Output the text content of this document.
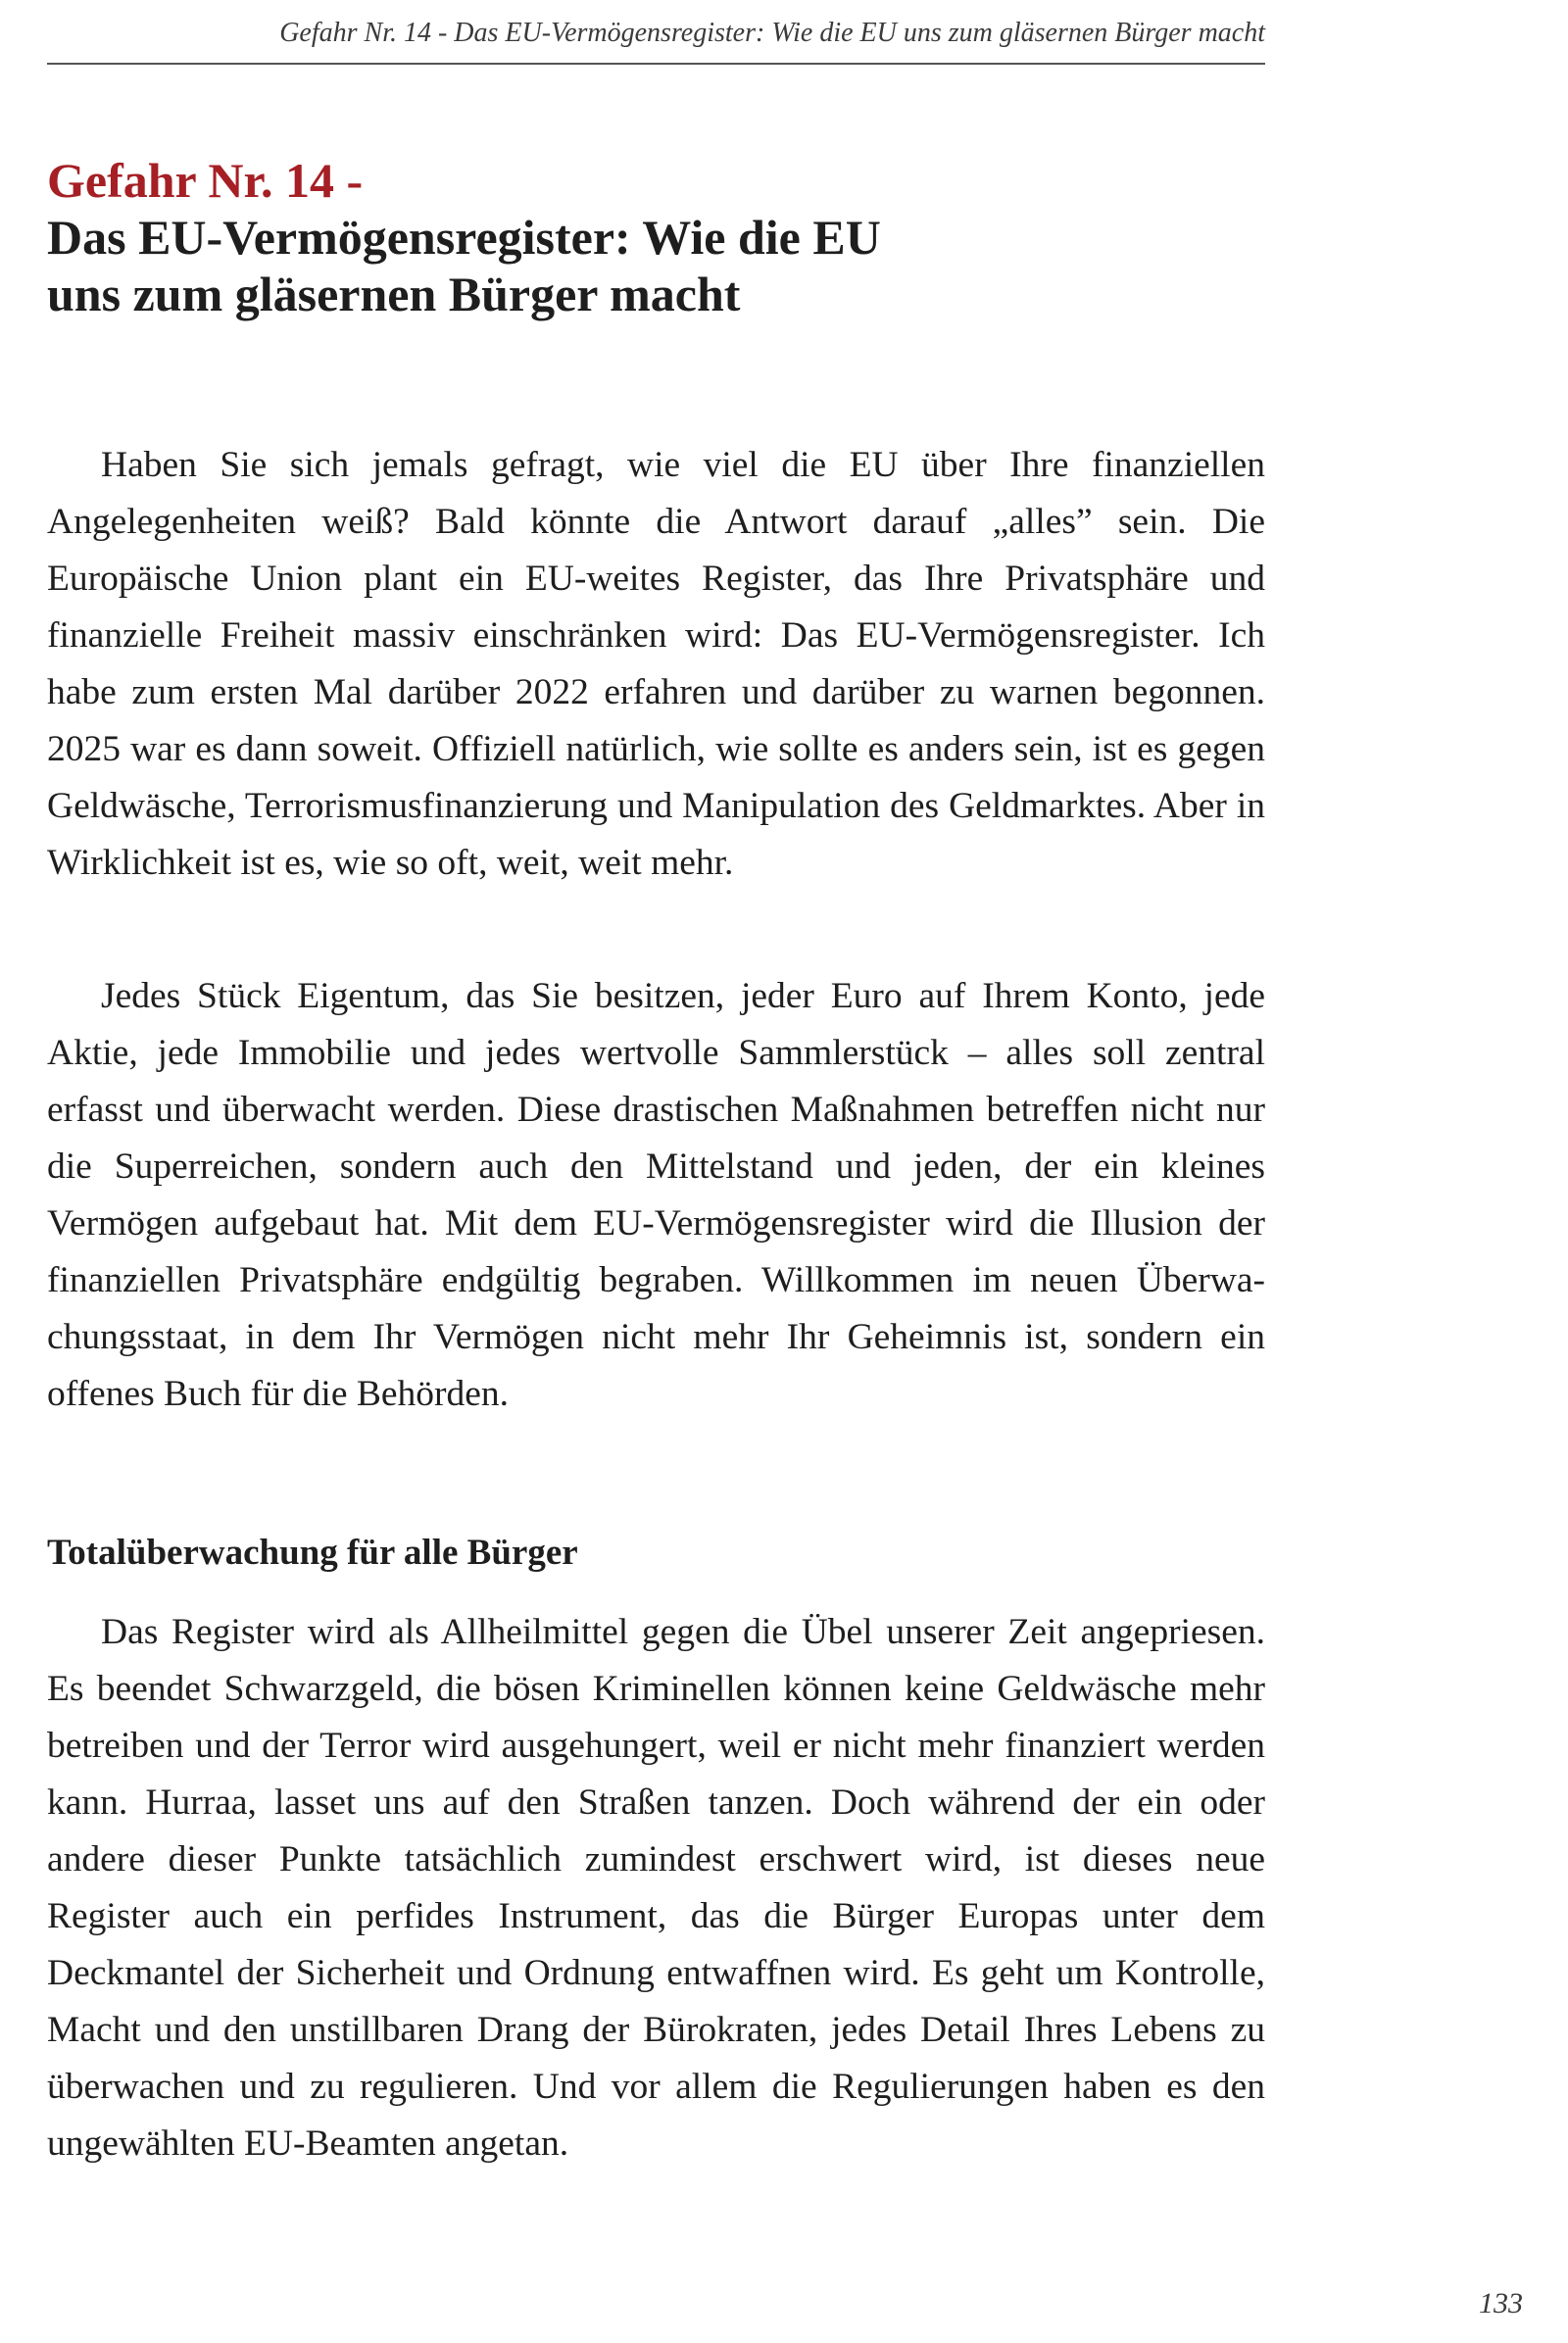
Gefahr Nr. 14 - Das EU-Vermögensregister: Wie die EU uns zum gläsernen Bürger macht
Gefahr Nr. 14 -
Das EU-Vermögensregister: Wie die EU
uns zum gläsernen Bürger macht

Haben Sie sich jemals gefragt, wie viel die EU über Ihre finanziellen Angelegenheiten weiß? Bald könnte die Antwort darauf „alles” sein. Die Europäische Union plant ein EU-weites Register, das Ihre Privatsphäre und finanzielle Freiheit massiv einschränken wird: Das EU-Vermögensregister. Ich habe zum ersten Mal darüber 2022 erfahren und darüber zu warnen begonnen. 2025 war es dann soweit. Offiziell natürlich, wie sollte es anders sein, ist es gegen Geldwäsche, Terrorismusfinanzierung und Manipulation des Geldmarktes. Aber in Wirklichkeit ist es, wie so oft, weit, weit mehr.

Jedes Stück Eigentum, das Sie besitzen, jeder Euro auf Ihrem Konto, jede Aktie, jede Immobilie und jedes wertvolle Sammlerstück – alles soll zentral erfasst und überwacht werden. Diese drastischen Maßnahmen betreffen nicht nur die Superreichen, sondern auch den Mittelstand und jeden, der ein kleines Vermögen aufgebaut hat. Mit dem EU-Vermögensregister wird die Illusion der finanziellen Privatsphäre endgültig begraben. Willkommen im neuen Überwachungsstaat, in dem Ihr Vermögen nicht mehr Ihr Geheimnis ist, sondern ein offenes Buch für die Behörden.

Totalüberwachung für alle Bürger

Das Register wird als Allheilmittel gegen die Übel unserer Zeit angepriesen. Es beendet Schwarzgeld, die bösen Kriminellen können keine Geldwäsche mehr betreiben und der Terror wird ausgehungert, weil er nicht mehr finanziert werden kann. Hurraa, lasset uns auf den Straßen tanzen. Doch während der ein oder andere dieser Punkte tatsächlich zumindest erschwert wird, ist dieses neue Register auch ein perfides Instrument, das die Bürger Europas unter dem Deckmantel der Sicherheit und Ordnung entwaffnen wird. Es geht um Kontrolle, Macht und den unstillbaren Drang der Bürokraten, jedes Detail Ihres Lebens zu überwachen und zu regulieren. Und vor allem die Regulierungen haben es den ungewählten EU-Beamten angetan.

133
